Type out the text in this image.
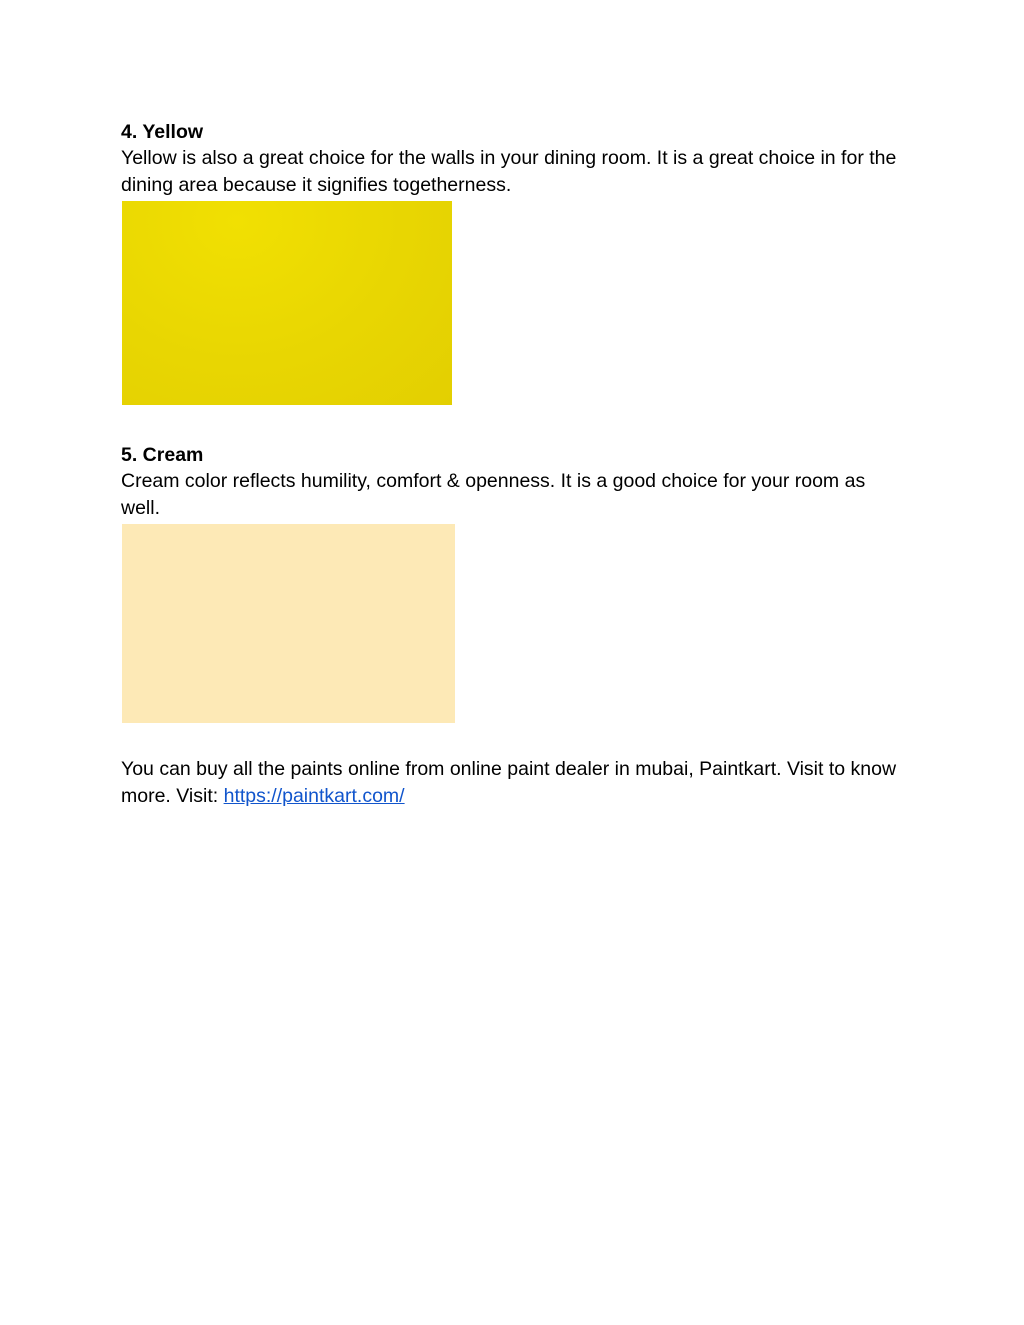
4. Yellow

Yellow is also a great choice for the walls in your dining room. It is a great choice in for the dining area because it signifies togetherness.

5. Cream

Cream color reflects humility, comfort & openness. It is a good choice for your room as well.

You can buy all the paints online from online paint dealer in mubai, Paintkart. Visit to know more. Visit: https://paintkart.com/
